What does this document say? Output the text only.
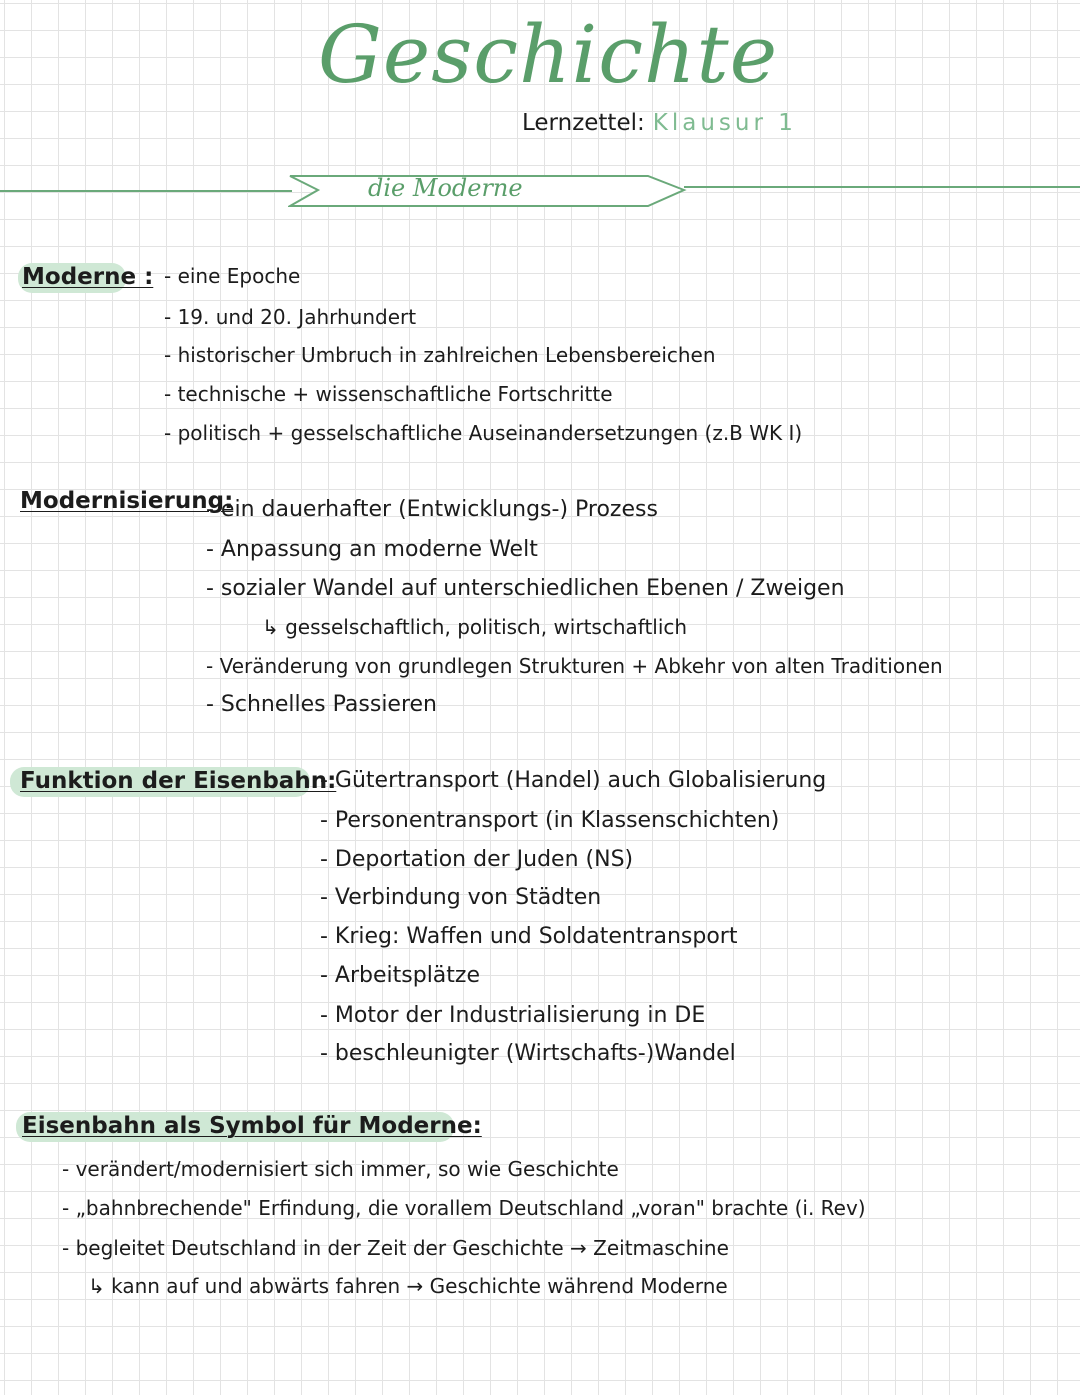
Geschichte
Lernzettel: Klausur 1
die Moderne
Moderne : - eine Epoche
- 19. und 20. Jahrhundert
- historischer Umbruch in zahlreichen Lebensbereichen
- technische + wissenschaftliche Fortschritte
- politisch + gesselschaftliche Auseinandersetzungen (z.B WK I)
Modernisierung:
- ein dauerhafter (Entwicklungs-) Prozess
- Anpassung an moderne Welt
- sozialer Wandel auf unterschiedlichen Ebenen / Zweigen
↳ gesselschaftlich, politisch, wirtschaftlich
- Veränderung von grundlegen Strukturen + Abkehr von alten Traditionen
- Schnelles Passieren
Funktion der Eisenbahn:
- Gütertransport (Handel) auch Globalisierung
- Personentransport (in Klassenschichten)
- Deportation der Juden (NS)
- Verbindung von Städten
- Krieg: Waffen und Soldatentransport
- Arbeitsplätze
- Motor der Industrialisierung in DE
- beschleunigter (Wirtschafts-)Wandel
Eisenbahn als Symbol für Moderne:
- verändert/modernisiert sich immer, so wie Geschichte
- „bahnbrechende" Erfindung, die vorallem Deutschland „voran" brachte (i. Rev)
- begleitet Deutschland in der Zeit der Geschichte → Zeitmaschine
↳ kann auf und abwärts fahren → Geschichte während Moderne
